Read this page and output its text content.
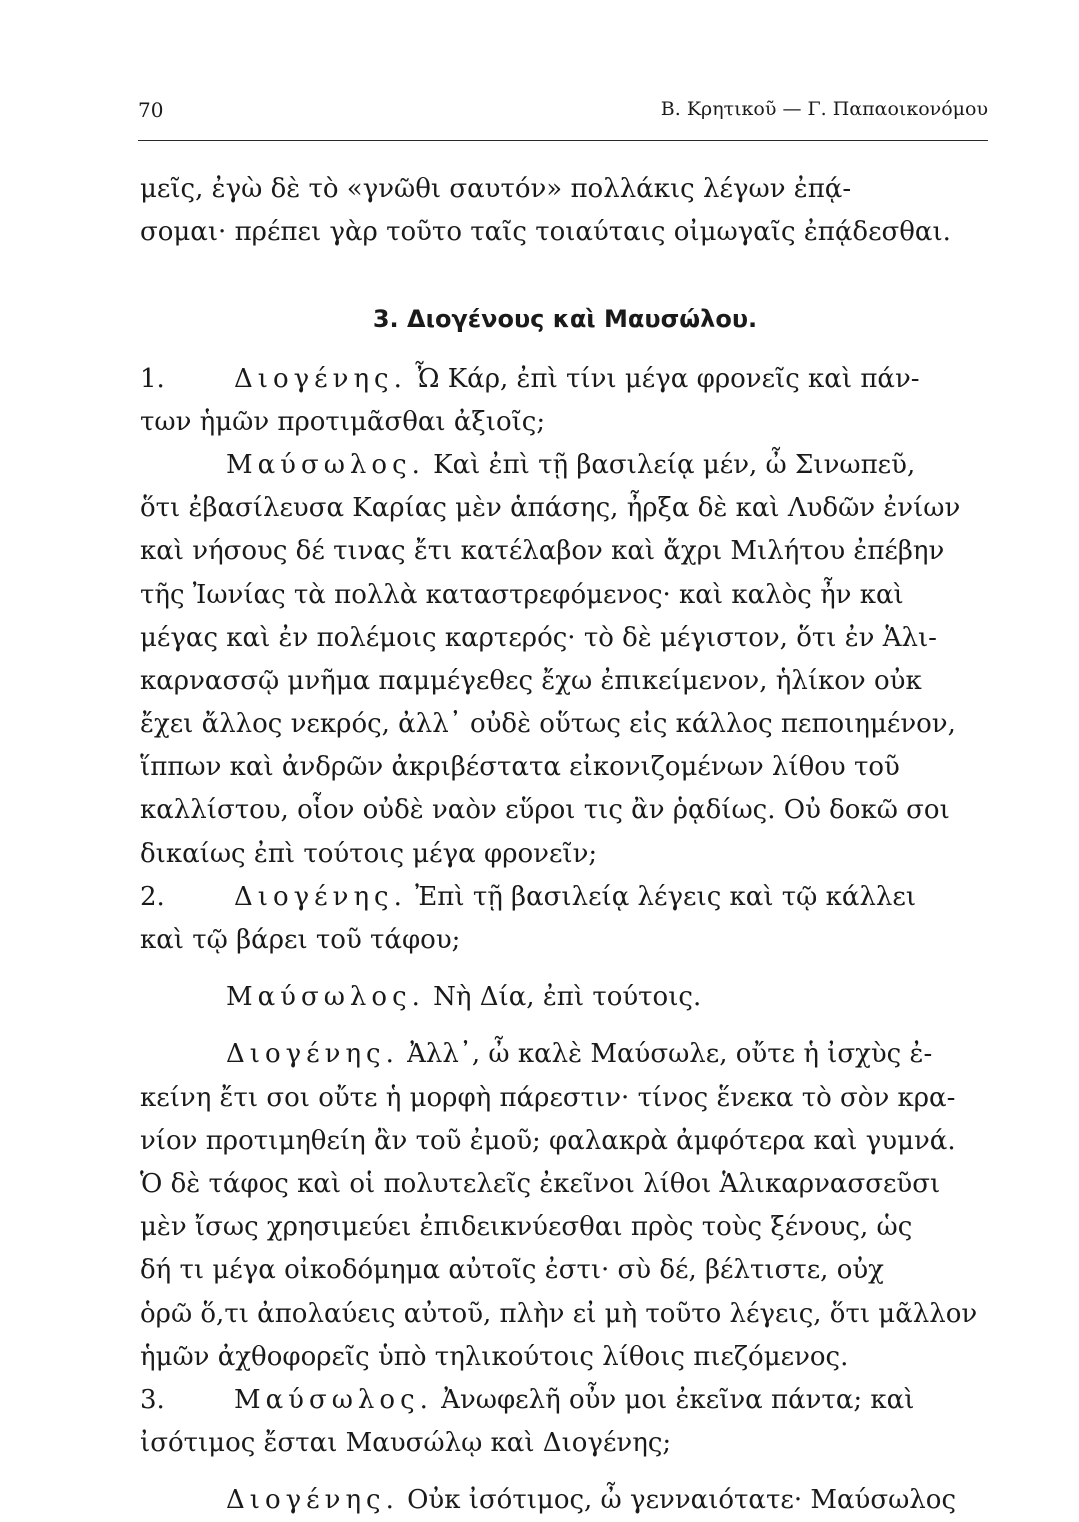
70	Β. Κρητικοῦ — Γ. Παπαοικονόμου
μεῖς, ἐγὼ δὲ τὸ «γνῶθι σαυτόν» πολλάκις λέγων ἐπᾴ-
σομαι· πρέπει γὰρ τοῦτο ταῖς τοιαύταις οἰμωγαῖς ἐπᾴδεσθαι.
3. Διογένους καὶ Μαυσώλου.
1.	Διογένης. Ὦ Κάρ, ἐπὶ τίνι μέγα φρονεῖς καὶ πάν-
των ἡμῶν προτιμᾶσθαι ἀξιοῖς;
Μαύσωλος. Καὶ ἐπὶ τῇ βασιλείᾳ μέν, ὦ Σινωπεῦ,
ὅτι ἐβασίλευσα Καρίας μὲν ἁπάσης, ἦρξα δὲ καὶ Λυδῶν ἐνίων
καὶ νήσους δέ τινας ἔτι κατέλαβον καὶ ἄχρι Μιλήτου ἐπέβην
τῆς Ἰωνίας τὰ πολλὰ καταστρεφόμενος· καὶ καλὸς ἦν καὶ
μέγας καὶ ἐν πολέμοις καρτερός· τὸ δὲ μέγιστον, ὅτι ἐν Ἁλι-
καρνασσῷ μνῆμα παμμέγεθες ἔχω ἐπικείμενον, ἡλίκον οὐκ
ἔχει ἄλλος νεκρός, ἀλλ᾽ οὐδὲ οὕτως εἰς κάλλος πεποιημένον,
ἵππων καὶ ἀνδρῶν ἀκριβέστατα εἰκονιζομένων λίθου τοῦ
καλλίστου, οἷον οὐδὲ ναὸν εὕροι τις ἂν ῥᾳδίως. Οὐ δοκῶ σοι
δικαίως ἐπὶ τούτοις μέγα φρονεῖν;
2.	Διογένης. Ἐπὶ τῇ βασιλείᾳ λέγεις καὶ τῷ κάλλει
καὶ τῷ βάρει τοῦ τάφου;
Μαύσωλος. Νὴ Δία, ἐπὶ τούτοις.
Διογένης. Ἀλλ᾽, ὦ καλὲ Μαύσωλε, οὔτε ἡ ἰσχὺς ἐ-
κείνη ἔτι σοι οὔτε ἡ μορφὴ πάρεστιν· τίνος ἕνεκα τὸ σὸν κρα-
νίον προτιμηθείη ἂν τοῦ ἐμοῦ; φαλακρὰ ἀμφότερα καὶ γυμνά.
Ὁ δὲ τάφος καὶ οἱ πολυτελεῖς ἐκεῖνοι λίθοι Ἁλικαρνασσεῦσι
μὲν ἴσως χρησιμεύει ἐπιδεικνύεσθαι πρὸς τοὺς ξένους, ὡς
δή τι μέγα οἰκοδόμημα αὐτοῖς ἐστι· σὺ δέ, βέλτιστε, οὐχ
ὁρῶ ὅ,τι ἀπολαύεις αὐτοῦ, πλὴν εἰ μὴ τοῦτο λέγεις, ὅτι μᾶλλον
ἡμῶν ἀχθοφορεῖς ὑπὸ τηλικούτοις λίθοις πιεζόμενος.
3.	Μαύσωλος. Ἀνωφελῆ οὖν μοι ἐκεῖνα πάντα; καὶ
ἰσότιμος ἔσται Μαυσώλῳ καὶ Διογένης;
Διογένης. Οὐκ ἰσότιμος, ὦ γενναιότατε· Μαύσωλος
